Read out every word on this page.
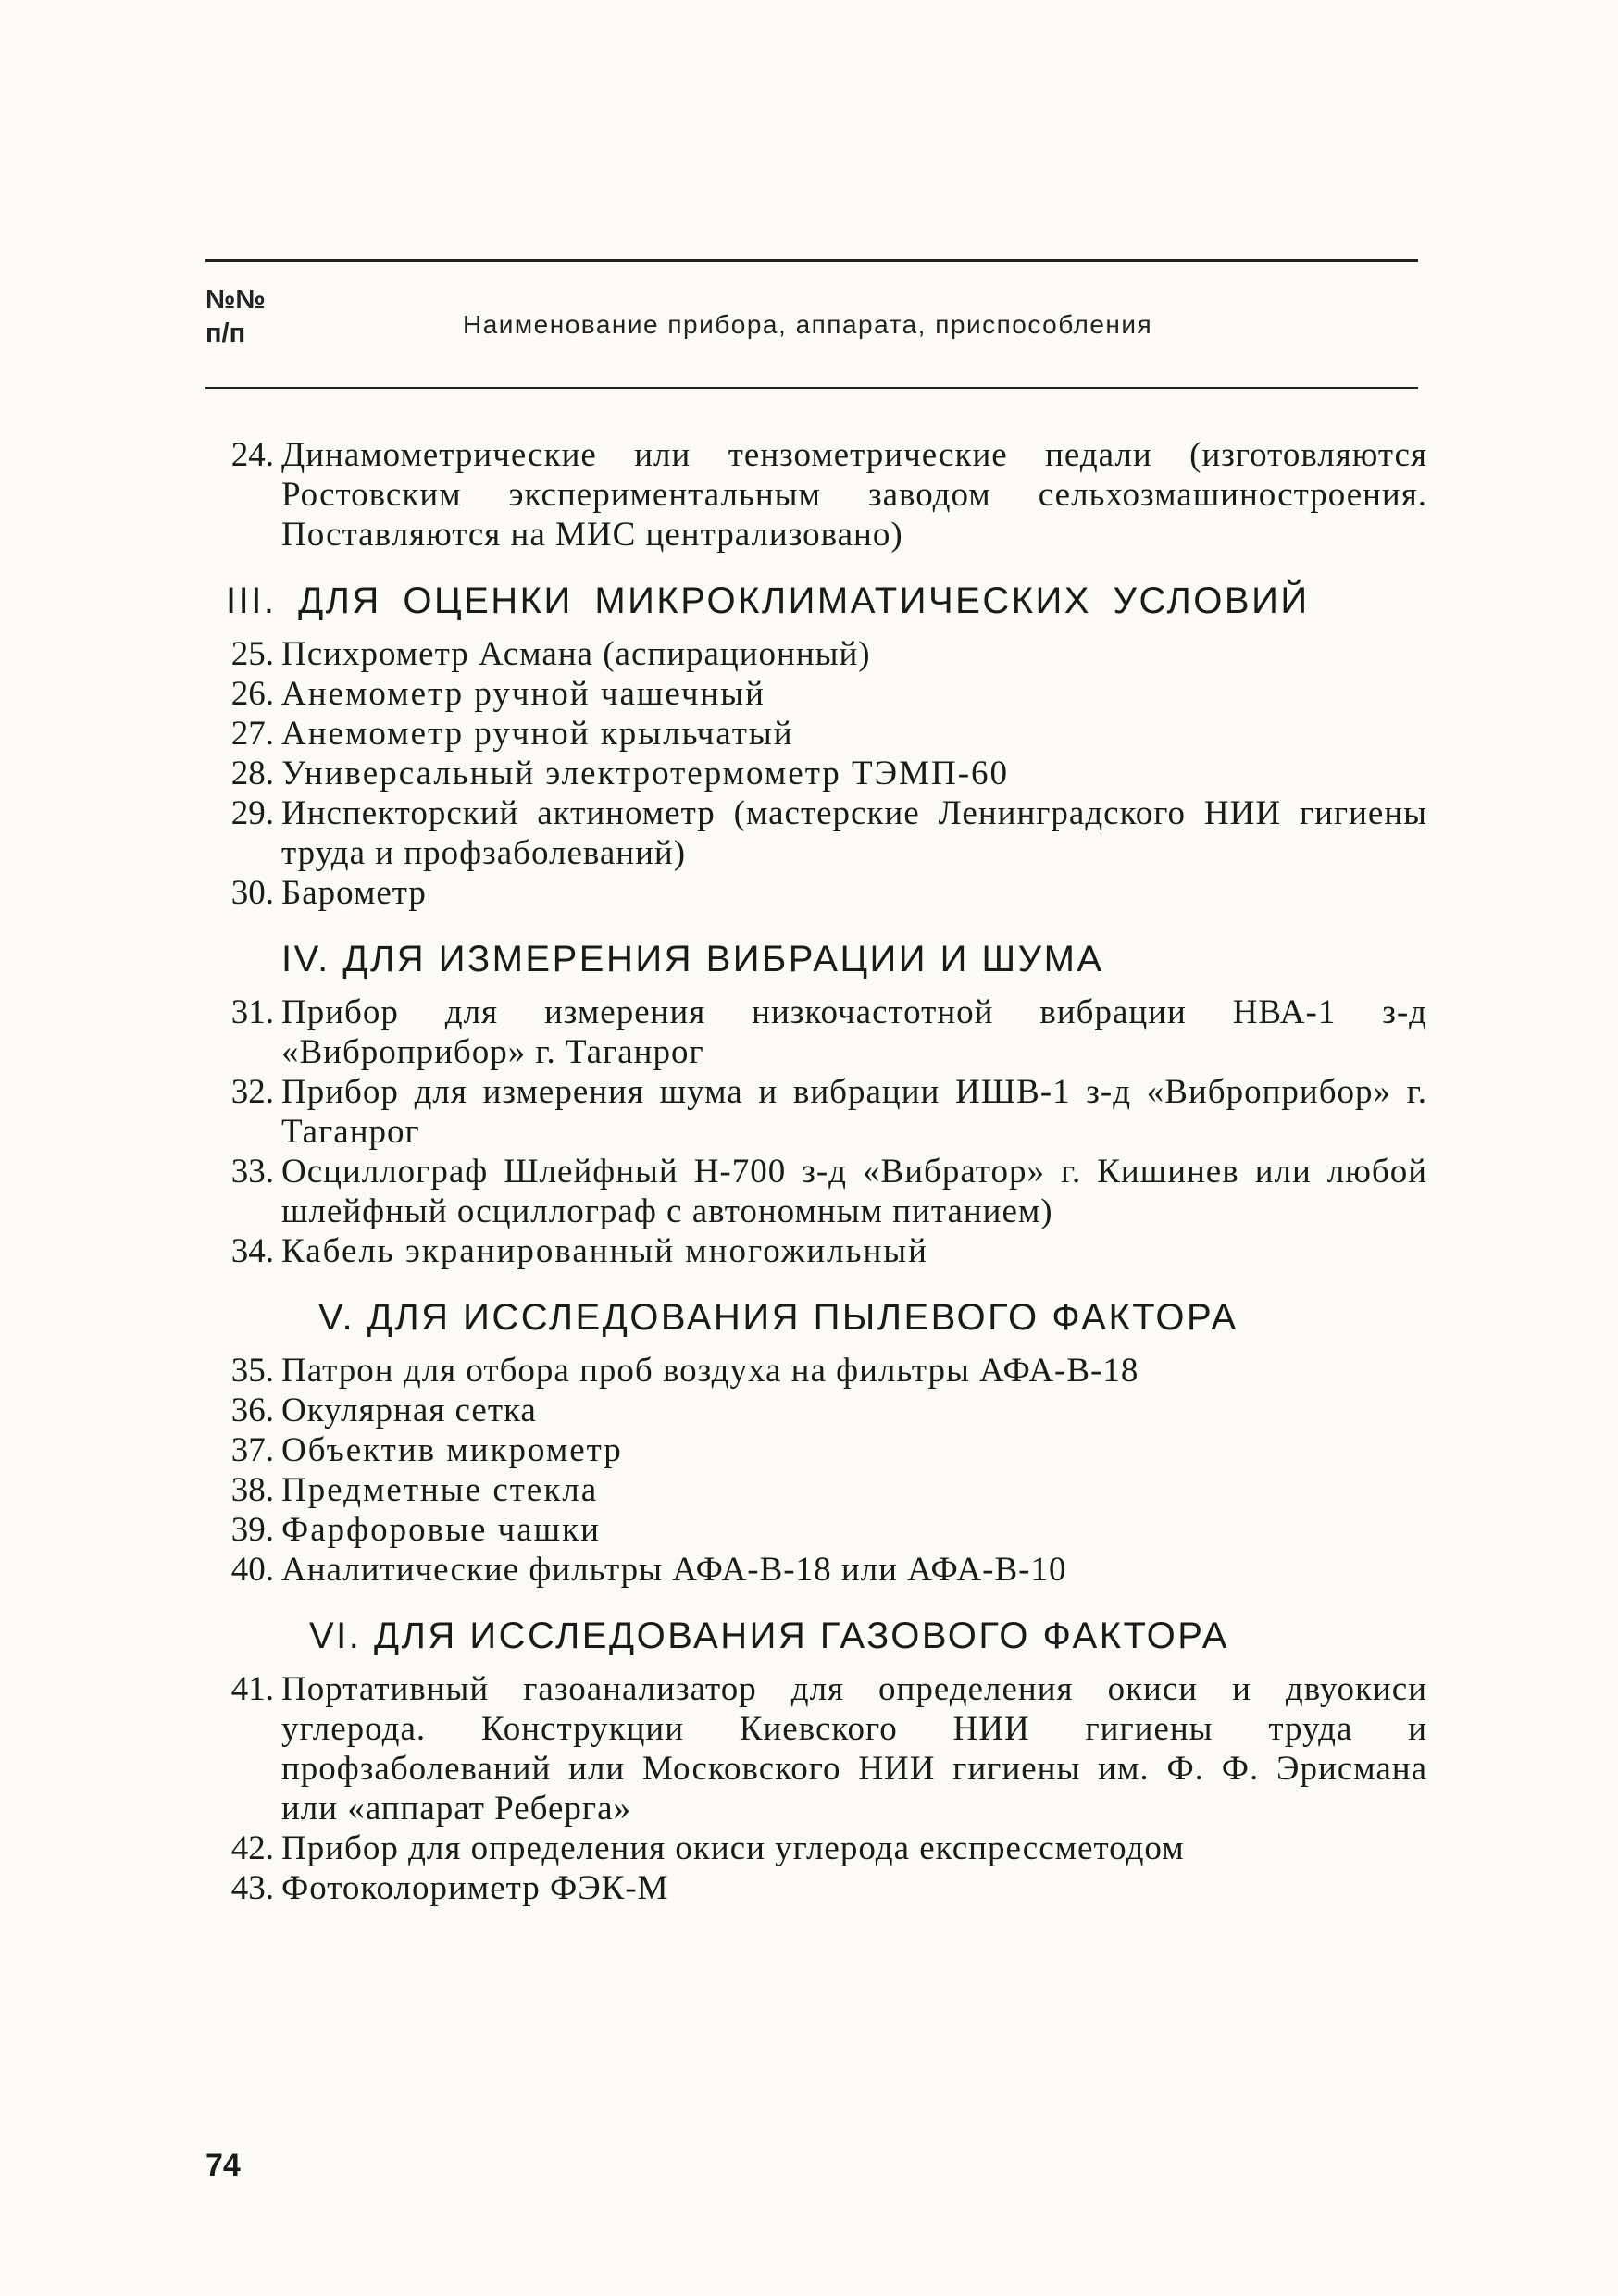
№№
п/п	Наименование прибора, аппарата, приспособления
24. Динамометрические или тензометрические педали (изготовляются Ростовским экспериментальным заводом сельхозмашиностроения. Поставляются на МИС централизовано)

III. ДЛЯ ОЦЕНКИ МИКРОКЛИМАТИЧЕСКИХ УСЛОВИЙ
25. Психрометр Асмана (аспирационный)

26. Анемометр ручной чашечный

27. Анемометр ручной крыльчатый

28. Универсальный электротермометр ТЭМП-60

29. Инспекторский актинометр (мастерские Ленинградского НИИ гигиены труда и профзаболеваний)

30. Барометр

IV. ДЛЯ ИЗМЕРЕНИЯ ВИБРАЦИИ И ШУМА
31. Прибор для измерения низкочастотной вибрации НВА-1 з-д «Виброприбор» г. Таганрог

32. Прибор для измерения шума и вибрации ИШВ-1 з-д «Виброприбор» г. Таганрог

33. Осциллограф Шлейфный Н-700 з-д «Вибратор» г. Кишинев или любой шлейфный осциллограф с автономным питанием)

34. Кабель экранированный многожильный

V. ДЛЯ ИССЛЕДОВАНИЯ ПЫЛЕВОГО ФАКТОРА
35. Патрон для отбора проб воздуха на фильтры АФА-В-18

36. Окулярная сетка

37. Объектив микрометр

38. Предметные стекла

39. Фарфоровые чашки

40. Аналитические фильтры АФА-В-18 или АФА-В-10

VI. ДЛЯ ИССЛЕДОВАНИЯ ГАЗОВОГО ФАКТОРА
41. Портативный газоанализатор для определения окиси и двуокиси углерода. Конструкции Киевского НИИ гигиены труда и профзаболеваний или Московского НИИ гигиены им. Ф. Ф. Эрисмана или «аппарат Реберга»

42. Прибор для определения окиси углерода експрессметодом

43. Фотоколориметр ФЭК-М

74
